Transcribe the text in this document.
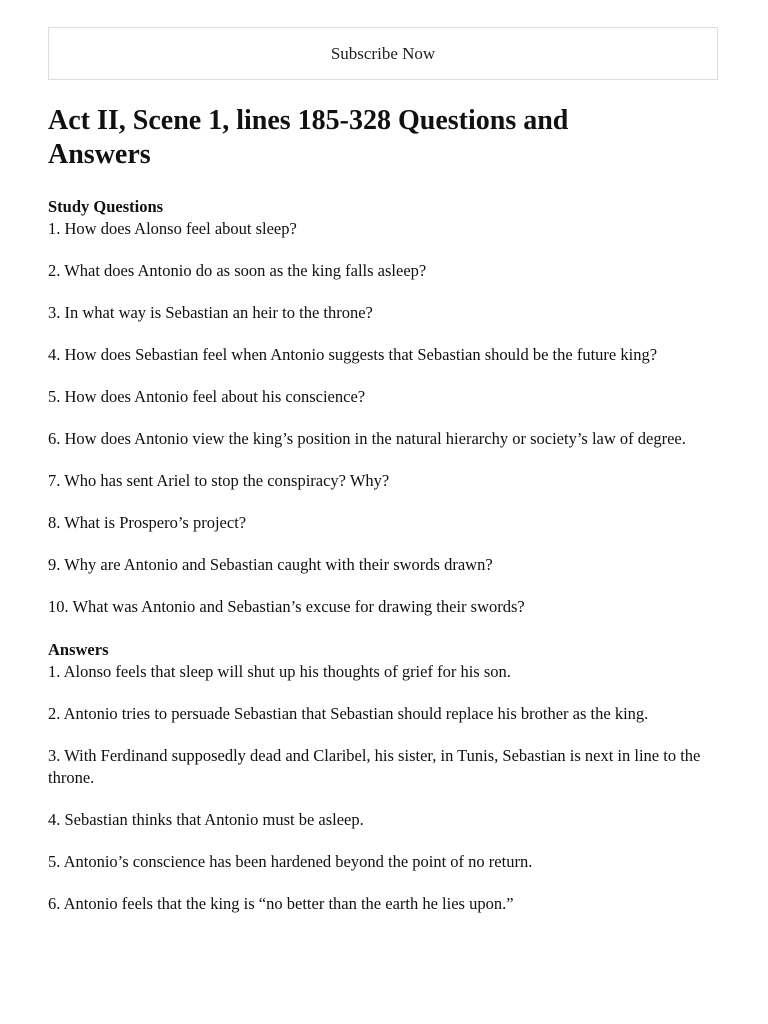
Subscribe Now
Act II, Scene 1, lines 185-328 Questions and Answers

Study Questions

1. How does Alonso feel about sleep?

2. What does Antonio do as soon as the king falls asleep?

3. In what way is Sebastian an heir to the throne?

4. How does Sebastian feel when Antonio suggests that Sebastian should be the future king?

5. How does Antonio feel about his conscience?

6. How does Antonio view the king’s position in the natural hierarchy or society’s law of degree.

7. Who has sent Ariel to stop the conspiracy? Why?

8. What is Prospero’s project?

9. Why are Antonio and Sebastian caught with their swords drawn?

10. What was Antonio and Sebastian’s excuse for drawing their swords?

Answers

1. Alonso feels that sleep will shut up his thoughts of grief for his son.

2. Antonio tries to persuade Sebastian that Sebastian should replace his brother as the king.

3. With Ferdinand supposedly dead and Claribel, his sister, in Tunis, Sebastian is next in line to the throne.

4. Sebastian thinks that Antonio must be asleep.

5. Antonio’s conscience has been hardened beyond the point of no return.

6. Antonio feels that the king is “no better than the earth he lies upon.”
